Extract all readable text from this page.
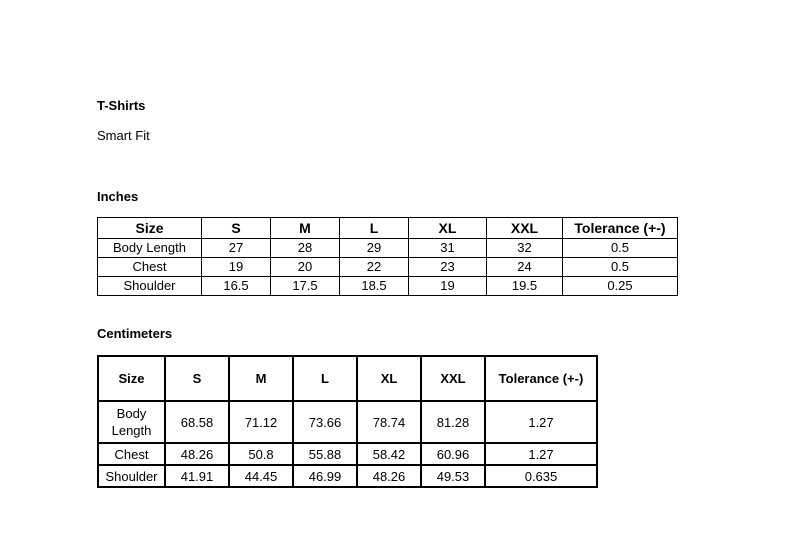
T-Shirts
Smart Fit
Inches
Size	S	M	L	XL	XXL	Tolerance (+-)
Body Length	27	28	29	31	32	0.5
Chest	19	20	22	23	24	0.5
Shoulder	16.5	17.5	18.5	19	19.5	0.25
Centimeters
Size	S	M	L	XL	XXL	Tolerance (+-)
Body
Length	68.58	71.12	73.66	78.74	81.28	1.27
Chest	48.26	50.8	55.88	58.42	60.96	1.27
Shoulder	41.91	44.45	46.99	48.26	49.53	0.635
